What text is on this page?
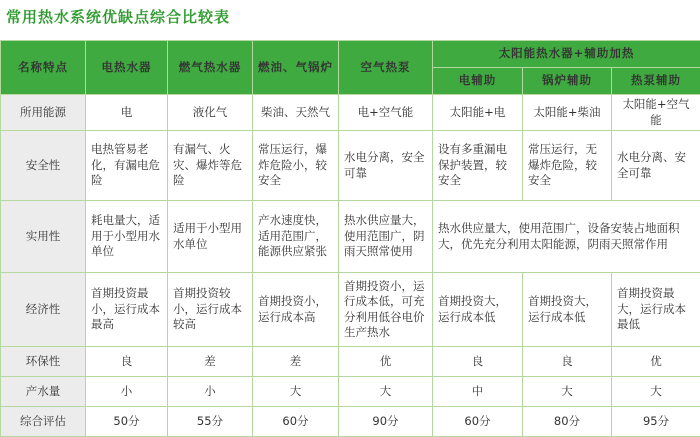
常用热水系统优缺点综合比较表
名称特点	电热水器	燃气热水器	燃油、气锅炉	空气热泵	太阳能热水器+辅助加热		
					电辅助	锅炉辅助	热泵辅助
所用能源	电	液化气	柴油、天然气	电+空气能	太阳能+电	太阳能+柴油	太阳能+空气能
安全性	电热管易老化，有漏电危险	有漏气、火灾、爆炸等危险	常压运行，爆炸危险小，较安全	水电分离，安全可靠	设有多重漏电保护装置，较安全	常压运行，无爆炸危险，较安全	水电分离、安全可靠
实用性	耗电量大，适用于小型用水单位	适用于小型用水单位	产水速度快，适用范围广，能源供应紧张	热水供应量大，使用范围广，阴雨天照常使用	热水供应量大，使用范围广，设备安装占地面积大，优先充分利用太阳能源，阴雨天照常作用		
经济性	首期投资最小，运行成本最高	首期投资较小，运行成本较高	首期投资小，运行成本高	首期投资小，运行成本低，可充分利用低谷电价生产热水	首期投资大，运行成本低	首期投资大，运行成本低	首期投资最大，运行成本最低
环保性	良	差	差	优	良	良	优
产水量	小	小	大	大	中	大	大
综合评估	50分	55分	60分	90分	60分	80分	95分
